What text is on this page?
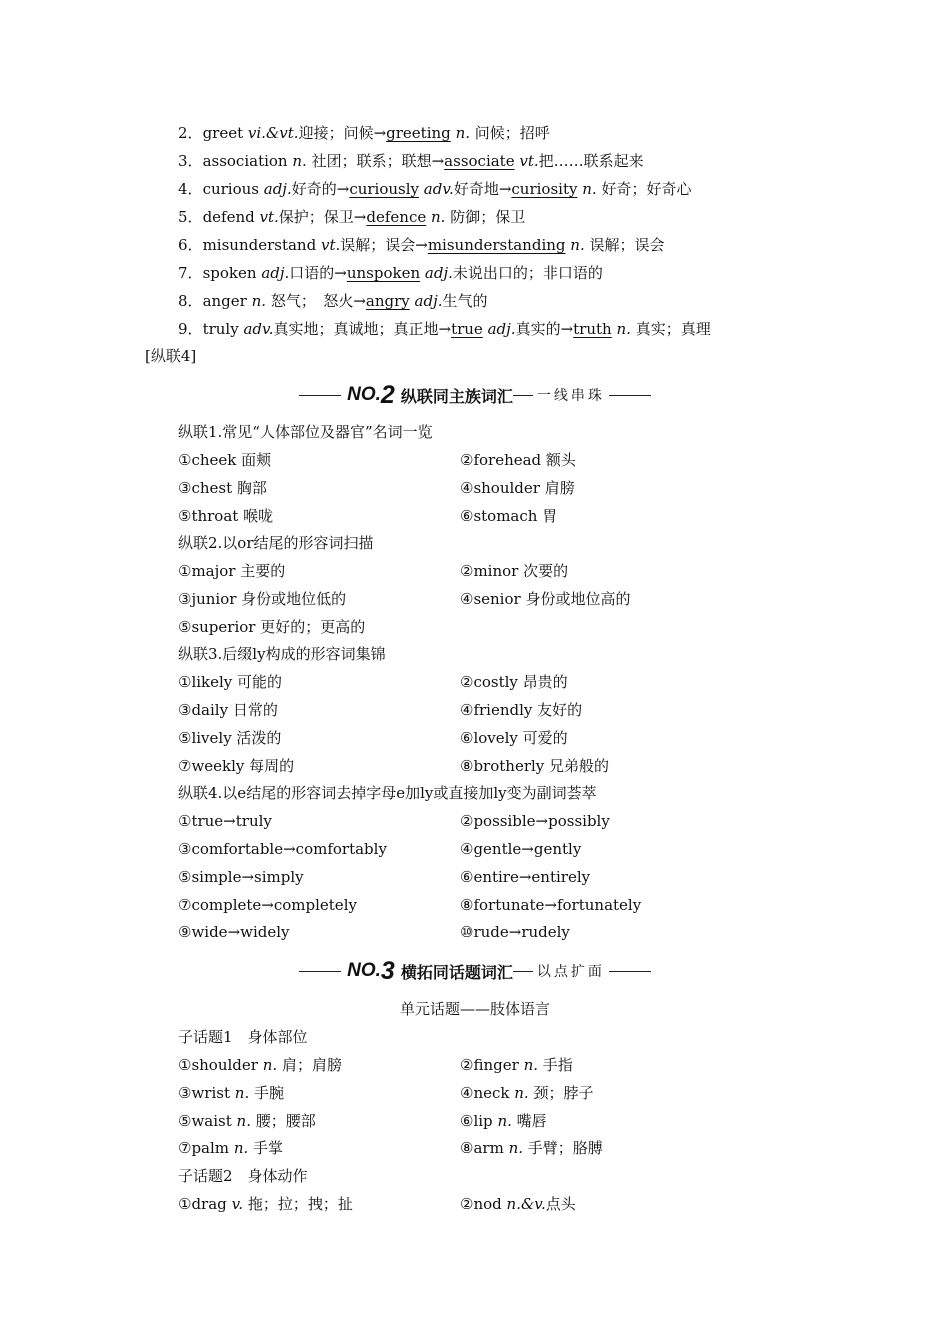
2．greet vi.&vt.迎接；问候→greeting n. 问候；招呼
3．association n. 社团；联系；联想→associate vt.把……联系起来
4．curious adj.好奇的→curiously adv.好奇地→curiosity n. 好奇；好奇心
5．defend vt.保护；保卫→defence n. 防御；保卫
6．misunderstand vt.误解；误会→misunderstanding n. 误解；误会
7．spoken adj.口语的→unspoken adj.未说出口的；非口语的
8．anger n. 怒气；　怒火→angry adj.生气的
9．truly adv.真实地；真诚地；真正地→true adj.真实的→truth n. 真实；真理
[纵联4]
NO. 2 纵联同主族词汇 一线串珠
纵联1.常见“人体部位及器官”名词一览
①cheek 面颊	②forehead 额头
③chest 胸部	④shoulder 肩膀
⑤throat 喉咙	⑥stomach 胃
纵联2.以or结尾的形容词扫描
①major 主要的	②minor 次要的
③junior 身份或地位低的	④senior 身份或地位高的
⑤superior 更好的；更高的
纵联3.后缀ly构成的形容词集锦
①likely 可能的	②costly 昂贵的
③daily 日常的	④friendly 友好的
⑤lively 活泼的	⑥lovely 可爱的
⑦weekly 每周的	⑧brotherly 兄弟般的
纵联4.以e结尾的形容词去掉字母e加ly或直接加ly变为副词荟萃
①true→truly	②possible→possibly
③comfortable→comfortably	④gentle→gently
⑤simple→simply	⑥entire→entirely
⑦complete→completely	⑧fortunate→fortunately
⑨wide→widely	⑩rude→rudely
NO. 3 横拓同话题词汇 以点扩面
单元话题——肢体语言
子话题1　身体部位
①shoulder n. 肩；肩膀	②finger n. 手指
③wrist n. 手腕	④neck n. 颈；脖子
⑤waist n. 腰；腰部	⑥lip n. 嘴唇
⑦palm n. 手掌	⑧arm n. 手臂；胳膊
子话题2　身体动作
①drag v. 拖；拉；拽；扯	②nod n.&v.点头
